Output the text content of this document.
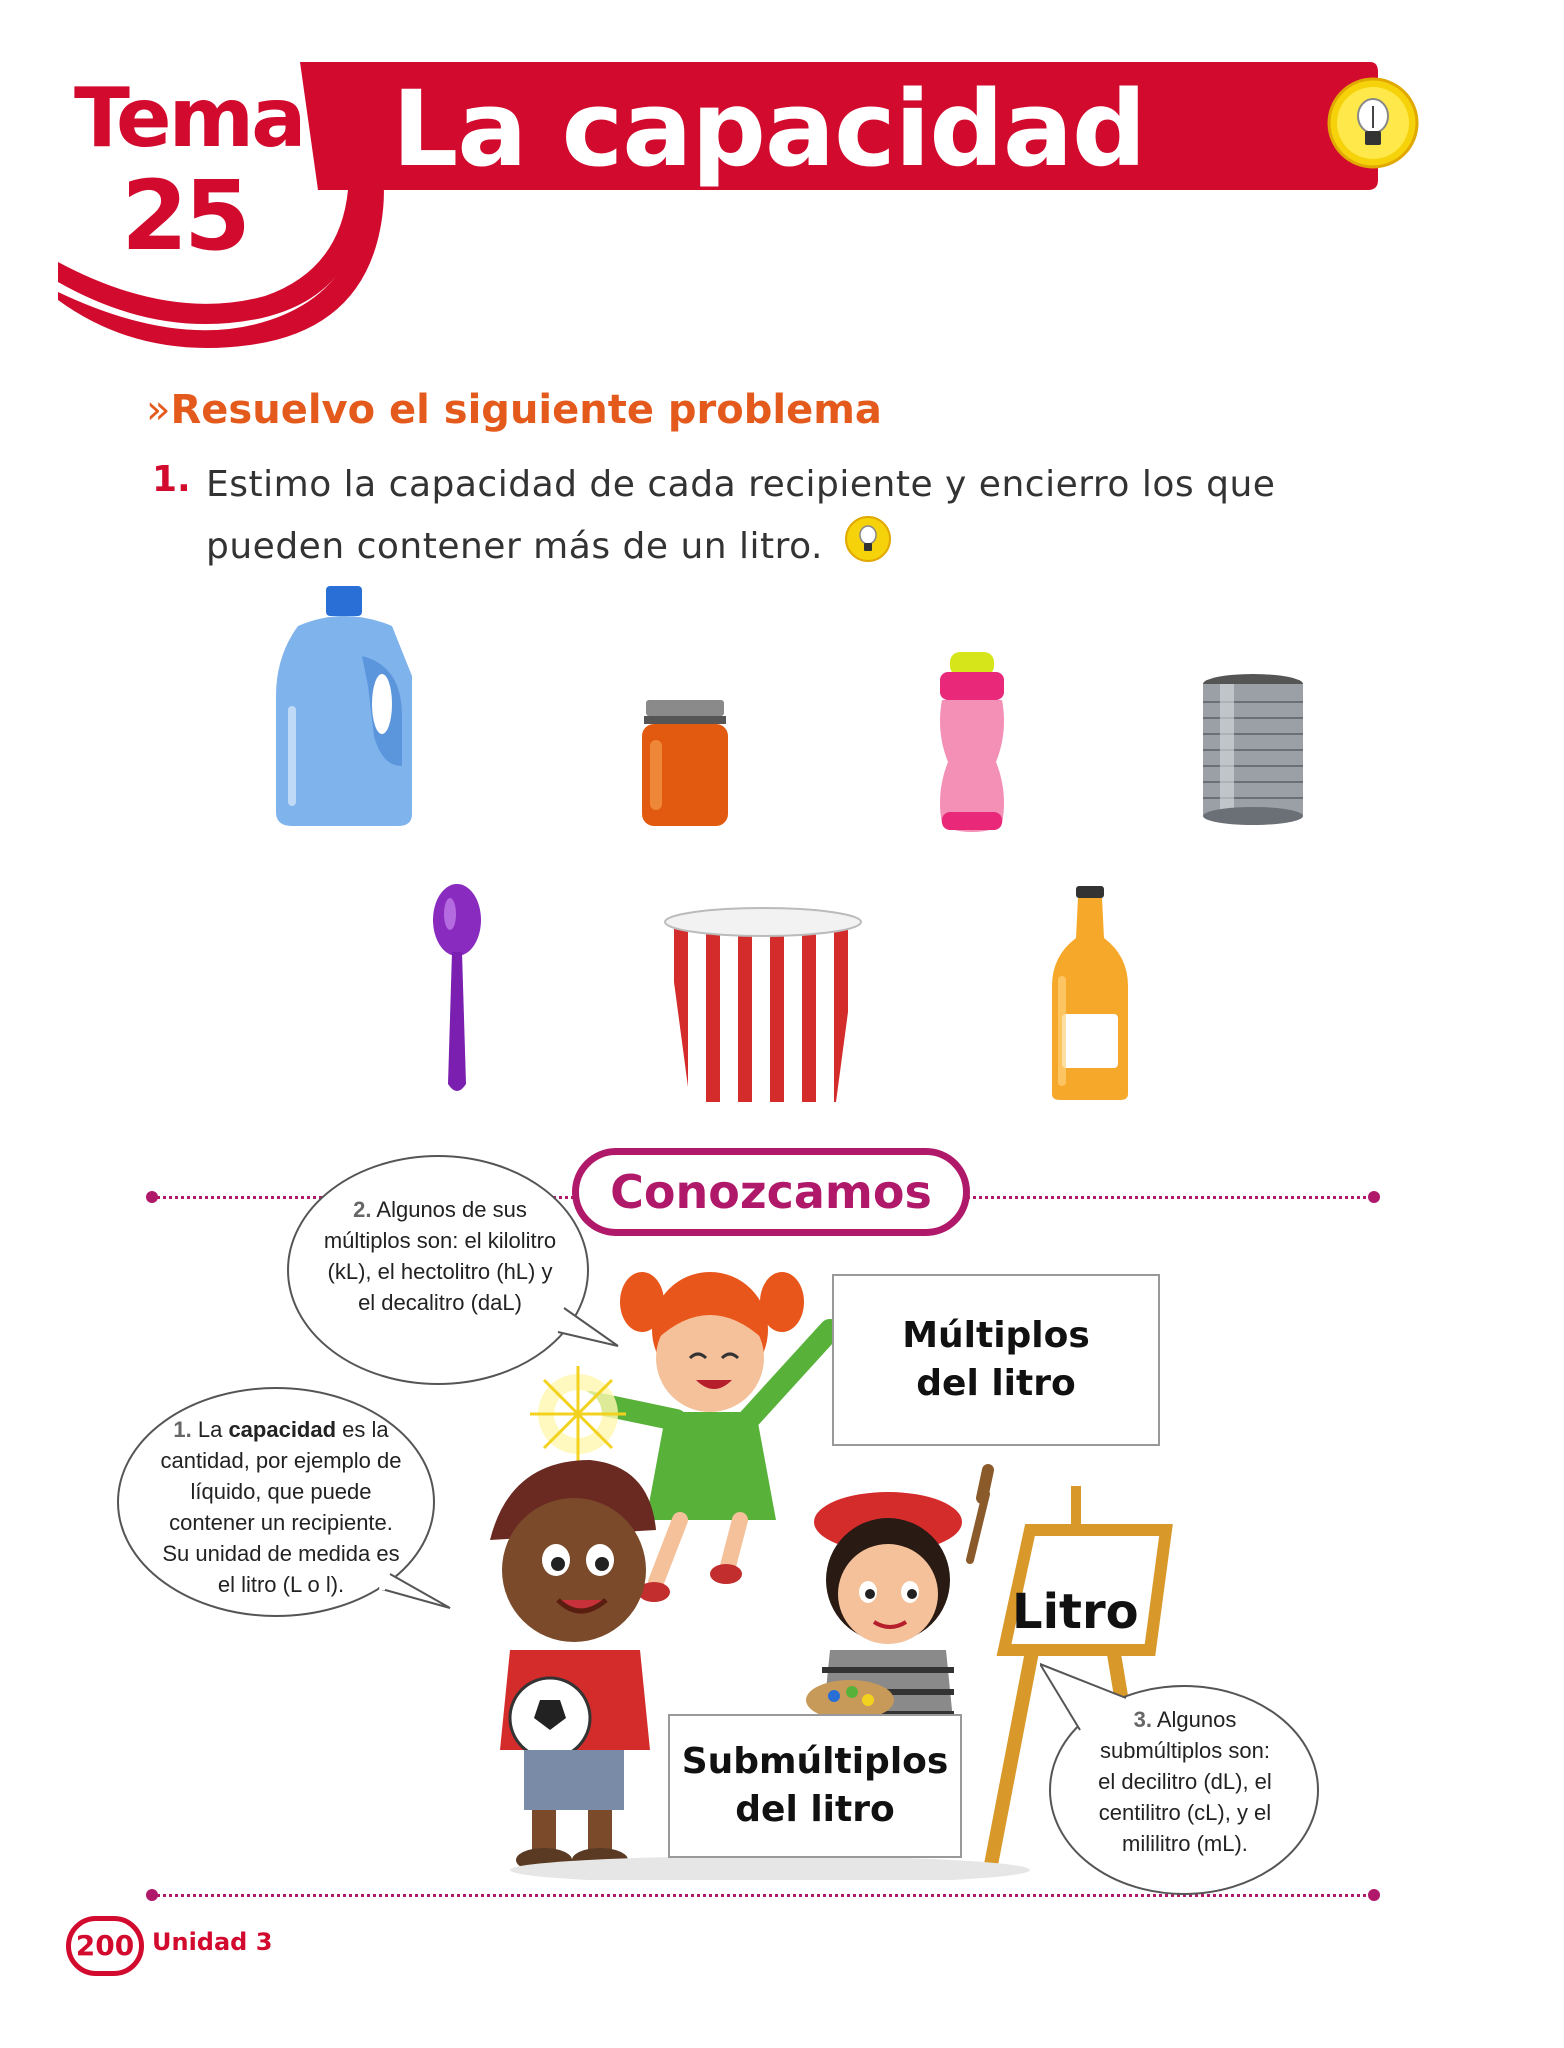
Tema
25
La capacidad
»Resuelvo el siguiente problema
1. Estimo la capacidad de cada recipiente y encierro los que pueden contener más de un litro.
Conozcamos
Múltiplos del litro
Submúltiplos del litro
Litro
2. Algunos de sus múltiplos son: el kilolitro (kL), el hectolitro (hL) y el decalitro (daL)
1. La capacidad es la cantidad, por ejemplo de líquido, que puede contener un recipiente. Su unidad de medida es el litro (L o l).
3. Algunos submúltiplos son: el decilitro (dL), el centilitro (cL), y el mililitro (mL).
200 Unidad 3
